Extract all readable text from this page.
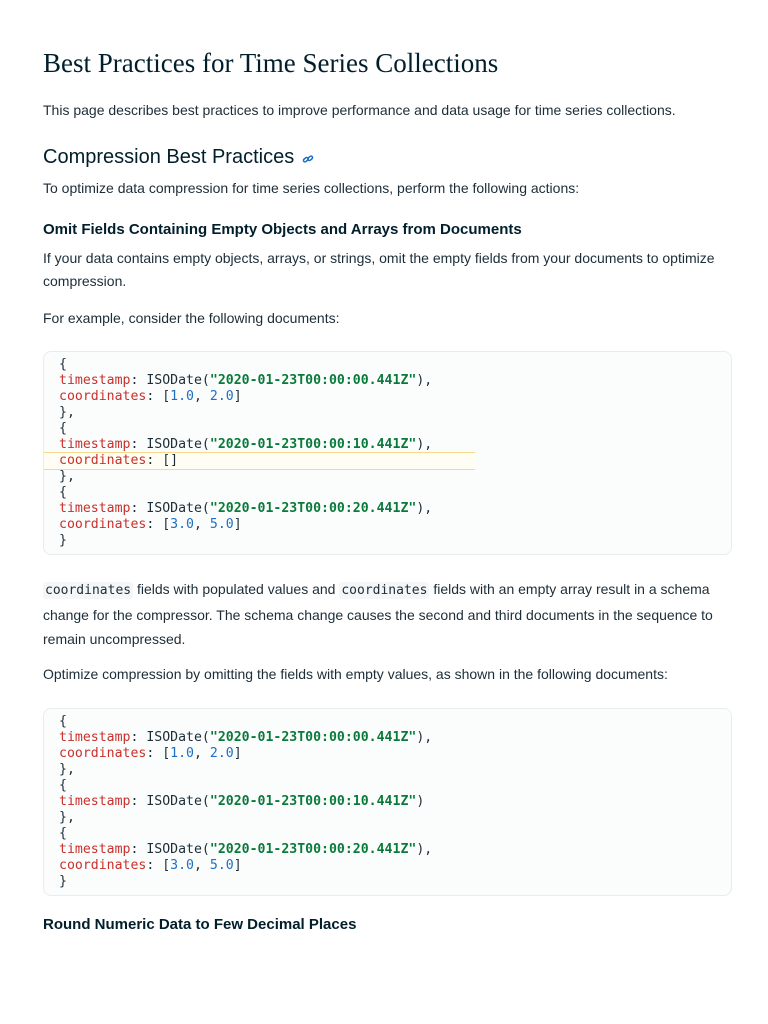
Best Practices for Time Series Collections

This page describes best practices to improve performance and data usage for time series collections.

Compression Best Practices

To optimize data compression for time series collections, perform the following actions:

Omit Fields Containing Empty Objects and Arrays from Documents

If your data contains empty objects, arrays, or strings, omit the empty fields from your documents to optimize compression.

For example, consider the following documents:

{
timestamp: ISODate("2020-01-23T00:00:00.441Z"),
coordinates: [1.0, 2.0]
},
{
timestamp: ISODate("2020-01-23T00:00:10.441Z"),
coordinates: []
},
{
timestamp: ISODate("2020-01-23T00:00:20.441Z"),
coordinates: [3.0, 5.0]
}

coordinates fields with populated values and coordinates fields with an empty array result in a schema change for the compressor. The schema change causes the second and third documents in the sequence to remain uncompressed.

Optimize compression by omitting the fields with empty values, as shown in the following documents:

{
timestamp: ISODate("2020-01-23T00:00:00.441Z"),
coordinates: [1.0, 2.0]
},
{
timestamp: ISODate("2020-01-23T00:00:10.441Z")
},
{
timestamp: ISODate("2020-01-23T00:00:20.441Z"),
coordinates: [3.0, 5.0]
}
Round Numeric Data to Few Decimal Places
